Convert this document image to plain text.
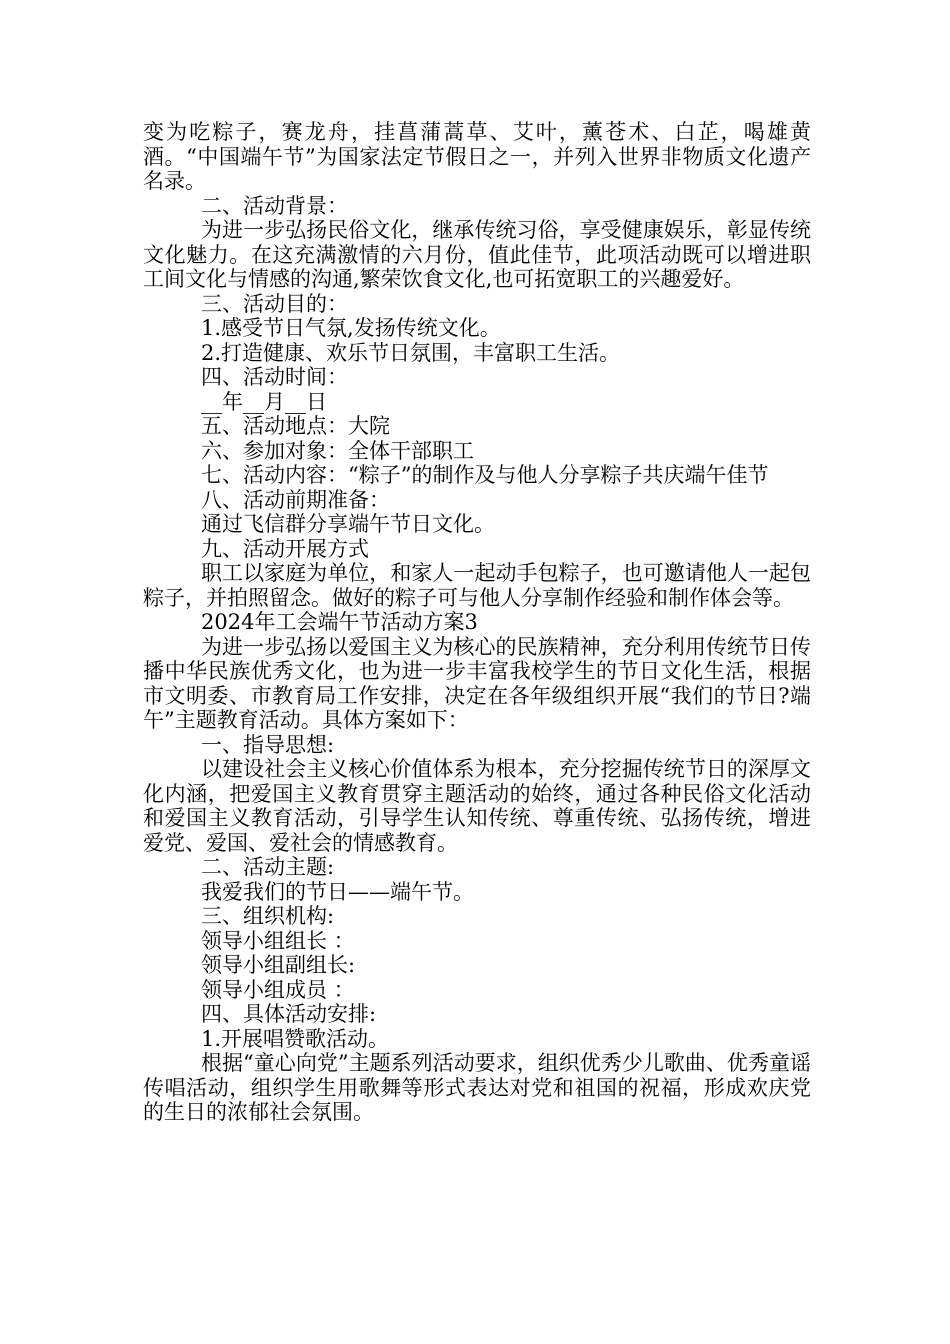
变为吃粽子，赛龙舟，挂菖蒲蒿草、艾叶，薰苍术、白芷，喝雄黄酒。“中国端午节”为国家法定节假日之一，并列入世界非物质文化遗产名录。

二、活动背景：

为进一步弘扬民俗文化，继承传统习俗，享受健康娱乐，彰显传统文化魅力。在这充满激情的六月份，值此佳节，此项活动既可以增进职工间文化与情感的沟通,繁荣饮食文化,也可拓宽职工的兴趣爱好。

三、活动目的：

1.感受节日气氛,发扬传统文化。

2.打造健康、欢乐节日氛围，丰富职工生活。

四、活动时间：

__年__月__日

五、活动地点：大院

六、参加对象：全体干部职工

七、活动内容：“粽子”的制作及与他人分享粽子共庆端午佳节

八、活动前期准备：

通过飞信群分享端午节日文化。

九、活动开展方式

职工以家庭为单位，和家人一起动手包粽子，也可邀请他人一起包粽子，并拍照留念。做好的粽子可与他人分享制作经验和制作体会等。

2024年工会端午节活动方案3

为进一步弘扬以爱国主义为核心的民族精神，充分利用传统节日传播中华民族优秀文化，也为进一步丰富我校学生的节日文化生活，根据市文明委、市教育局工作安排，决定在各年级组织开展“我们的节日?端午”主题教育活动。具体方案如下：

一、指导思想:

以建设社会主义核心价值体系为根本，充分挖掘传统节日的深厚文化内涵，把爱国主义教育贯穿主题活动的始终，通过各种民俗文化活动和爱国主义教育活动，引导学生认知传统、尊重传统、弘扬传统，增进爱党、爱国、爱社会的情感教育。

二、活动主题:

我爱我们的节日——端午节。

三、组织机构:

领导小组组长 ：

领导小组副组长:

领导小组成员 ：

四、具体活动安排:

1.开展唱赞歌活动。

根据“童心向党”主题系列活动要求，组织优秀少儿歌曲、优秀童谣传唱活动，组织学生用歌舞等形式表达对党和祖国的祝福，形成欢庆党的生日的浓郁社会氛围。
